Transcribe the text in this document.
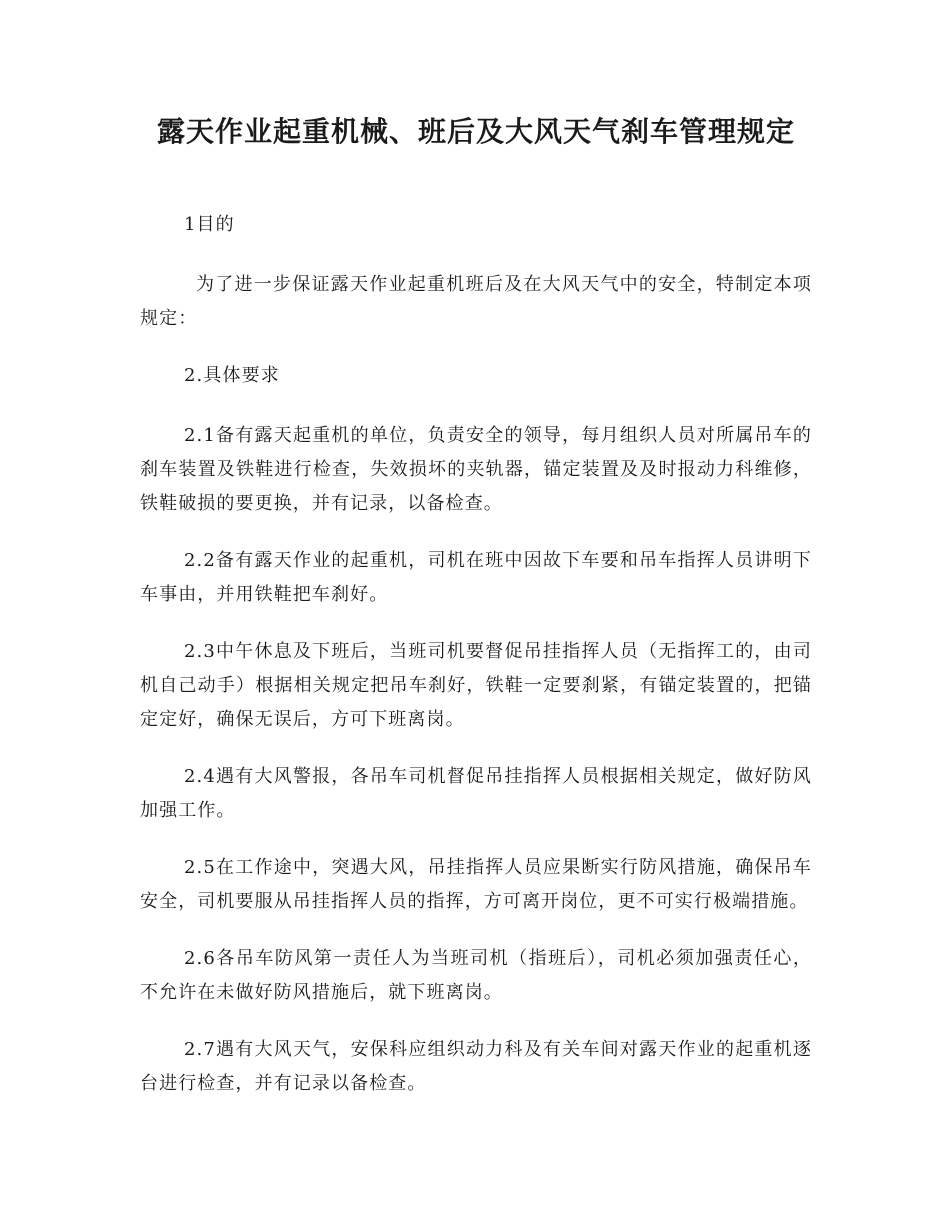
露天作业起重机械、班后及大风天气刹车管理规定

1目的

为了进一步保证露天作业起重机班后及在大风天气中的安全，特制定本项规定：

2.具体要求

2.1备有露天起重机的单位，负责安全的领导，每月组织人员对所属吊车的刹车装置及铁鞋进行检查，失效损坏的夹轨器，锚定装置及及时报动力科维修，铁鞋破损的要更换，并有记录，以备检查。

2.2备有露天作业的起重机，司机在班中因故下车要和吊车指挥人员讲明下车事由，并用铁鞋把车刹好。

2.3中午休息及下班后，当班司机要督促吊挂指挥人员（无指挥工的，由司机自己动手）根据相关规定把吊车刹好，铁鞋一定要刹紧，有锚定装置的，把锚定定好，确保无误后，方可下班离岗。

2.4遇有大风警报，各吊车司机督促吊挂指挥人员根据相关规定，做好防风加强工作。

2.5在工作途中，突遇大风，吊挂指挥人员应果断实行防风措施，确保吊车安全，司机要服从吊挂指挥人员的指挥，方可离开岗位，更不可实行极端措施。

2.6各吊车防风第一责任人为当班司机（指班后），司机必须加强责任心，不允许在未做好防风措施后，就下班离岗。

2.7遇有大风天气，安保科应组织动力科及有关车间对露天作业的起重机逐台进行检查，并有记录以备检查。
